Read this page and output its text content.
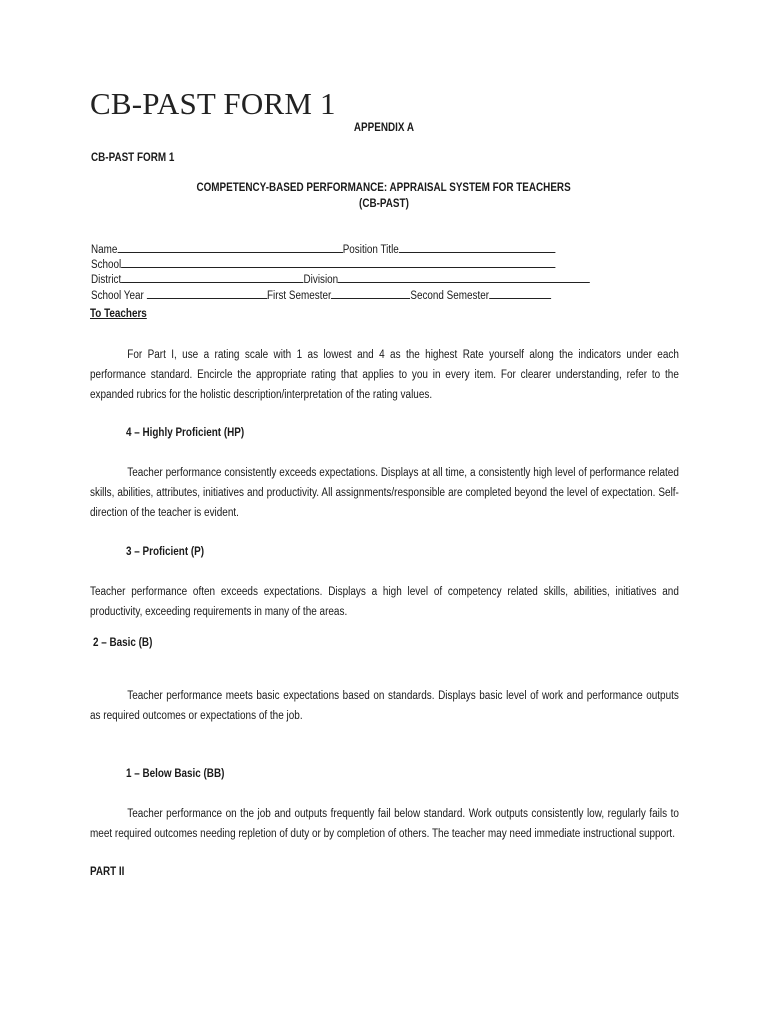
CB-PAST FORM 1
APPENDIX A
CB-PAST FORM 1
COMPETENCY-BASED PERFORMANCE: APPRAISAL SYSTEM FOR TEACHERS
(CB-PAST)
Name	Position Title
School
District	Division
School Year	First Semester	Second Semester
To Teachers
For Part I, use a rating scale with 1 as lowest and 4 as the highest Rate yourself along the indicators under each performance standard. Encircle the appropriate rating that applies to you in every item. For clearer understanding, refer to the expanded rubrics for the holistic description/interpretation of the rating values.
4 – Highly Proficient (HP)
Teacher performance consistently exceeds expectations. Displays at all time, a consistently high level of performance related skills, abilities, attributes, initiatives and productivity. All assignments/responsible are completed beyond the level of expectation. Self-direction of the teacher is evident.
3 – Proficient (P)
Teacher performance often exceeds expectations. Displays a high level of competency related skills, abilities, initiatives and productivity, exceeding requirements in many of the areas.
2 – Basic (B)
Teacher performance meets basic expectations based on standards. Displays basic level of work and performance outputs as required outcomes or expectations of the job.
1 – Below Basic (BB)
Teacher performance on the job and outputs frequently fail below standard. Work outputs consistently low, regularly fails to meet required outcomes needing repletion of duty or by completion of others. The teacher may need immediate instructional support.
PART II
